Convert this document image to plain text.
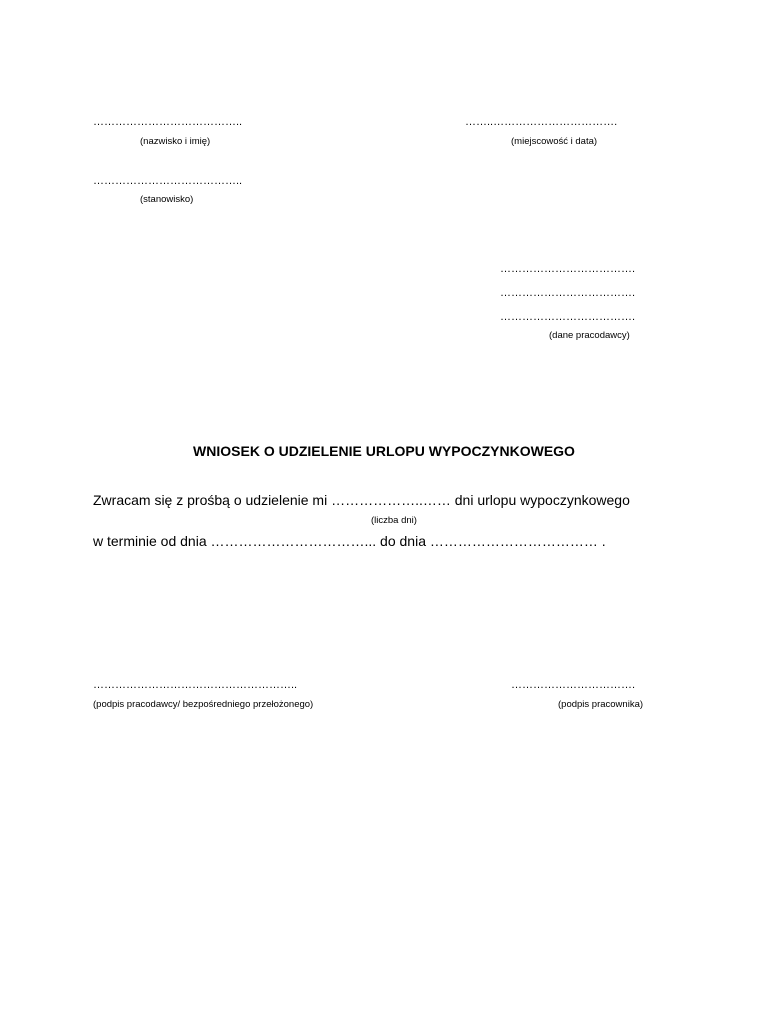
…………………………………..
(nazwisko i imię)
……..…………………………….
(miejscowość i data)
…………………………………..
(stanowisko)
……………………………….
……………………………….
……………………………….
(dane pracodawcy)
WNIOSEK O UDZIELENIE URLOPU WYPOCZYNKOWEGO
Zwracam się z prośbą o udzielenie mi ………………..…… dni urlopu wypoczynkowego
(liczba dni)
w terminie od dnia ……………………………... do dnia ……………………………… .
………………………………………………..
(podpis pracodawcy/ bezpośredniego przełożonego)
…………………………….
(podpis pracownika)
